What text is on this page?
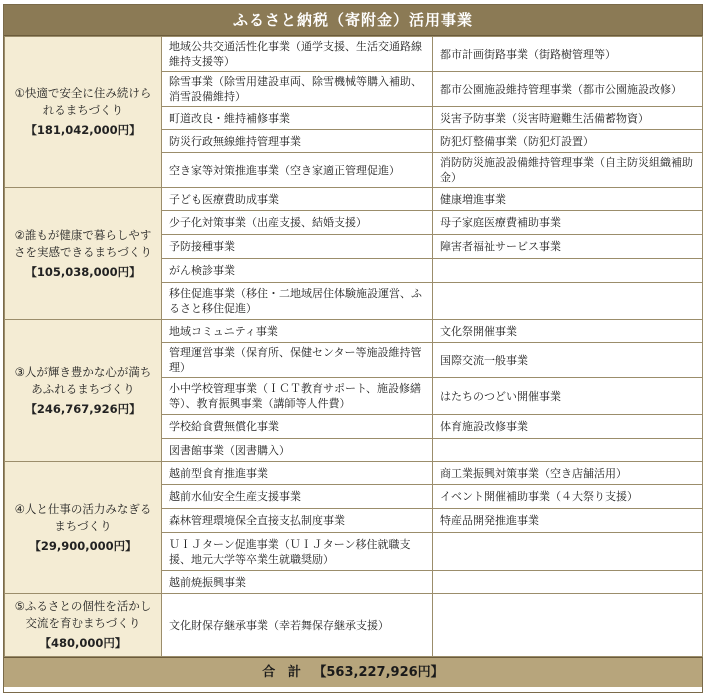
ふるさと納税（寄附金）活用事業
①快適で安全に住み続けられるまちづくり
【181,042,000円】	地域公共交通活性化事業（通学支援、生活交通路線維持支援等）	都市計画街路事業（街路樹管理等）
	除雪事業（除雪用建設車両、除雪機械等購入補助、消雪設備維持）	都市公園施設維持管理事業（都市公園施設改修）
	町道改良・維持補修事業	災害予防事業（災害時避難生活備蓄物資）
	防災行政無線維持管理事業	防犯灯整備事業（防犯灯設置）
	空き家等対策推進事業（空き家適正管理促進）	消防防災施設設備維持管理事業（自主防災組織補助金）

②誰もが健康で暮らしやすさを実感できるまちづくり
【105,038,000円】	子ども医療費助成事業	健康増進事業
	少子化対策事業（出産支援、結婚支援）	母子家庭医療費補助事業
	予防接種事業	障害者福祉サービス事業
	がん検診事業	
	移住促進事業（移住・二地域居住体験施設運営、ふるさと移住促進）	

③人が輝き豊かな心が満ちあふれるまちづくり
【246,767,926円】	地域コミュニティ事業	文化祭開催事業
	管理運営事業（保育所、保健センター等施設維持管理）	国際交流一般事業
	小中学校管理事業（ＩＣＴ教育サポート、施設修繕等）、教育振興事業（講師等人件費）	はたちのつどい開催事業
	学校給食費無償化事業	体育施設改修事業
	図書館事業（図書購入）	

④人と仕事の活力みなぎるまちづくり
【29,900,000円】	越前型食育推進事業	商工業振興対策事業（空き店舗活用）
	越前水仙安全生産支援事業	イベント開催補助事業（４大祭り支援）
	森林管理環境保全直接支払制度事業	特産品開発推進事業
	ＵＩＪターン促進事業（ＵＩＪターン移住就職支援、地元大学等卒業生就職奨励）	
	越前焼振興事業	

⑤ふるさとの個性を活かし交流を育むまちづくり
【480,000円】	文化財保存継承事業（幸若舞保存継承支援）	
合 計 【563,227,926円】
